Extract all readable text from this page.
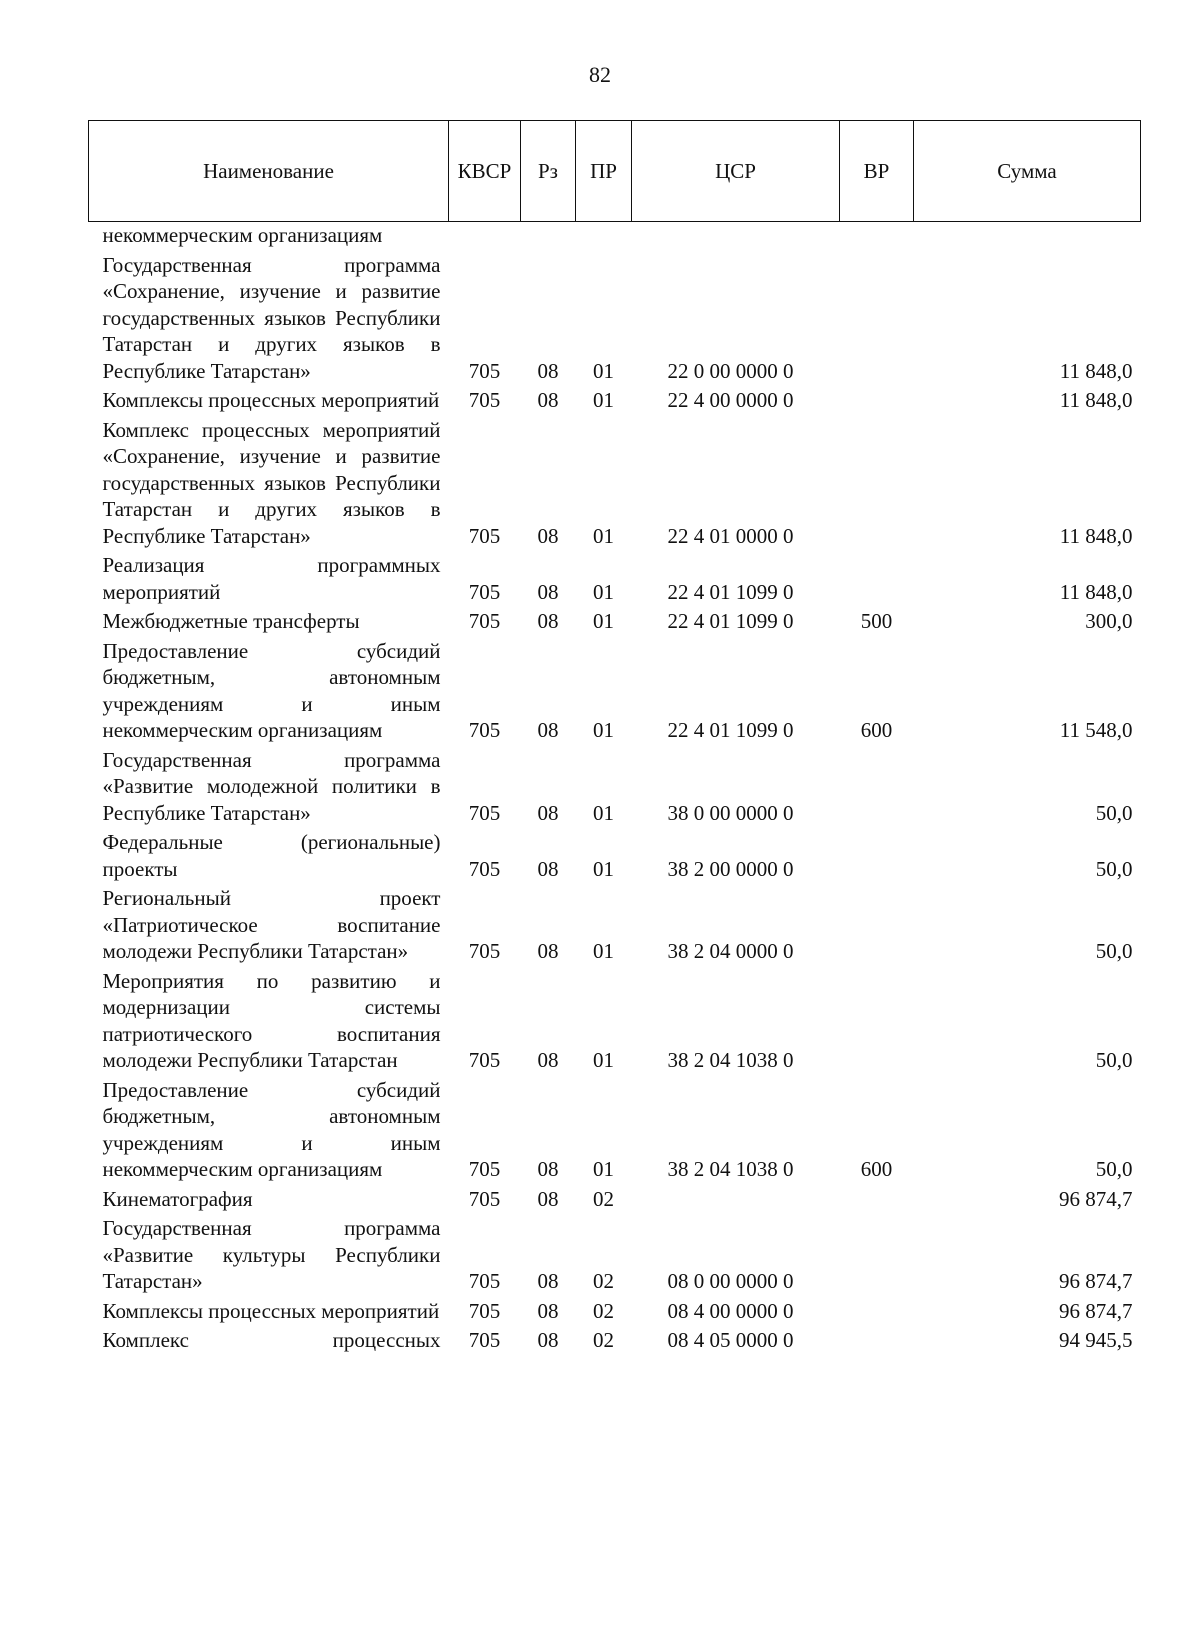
82
Наименование	КВСР	Рз	ПР	ЦСР	ВР	Сумма
некоммерческим организациям						
Государственная программа «Сохранение, изучение и развитие государственных языков Республики Татарстан и других языков в Республике Татарстан»	705	08	01	22 0 00 0000 0		11 848,0
Комплексы процессных мероприятий	705	08	01	22 4 00 0000 0		11 848,0
Комплекс процессных мероприятий «Сохранение, изучение и развитие государственных языков Республики Татарстан и других языков в Республике Татарстан»	705	08	01	22 4 01 0000 0		11 848,0
Реализация программных мероприятий	705	08	01	22 4 01 1099 0		11 848,0
Межбюджетные трансферты	705	08	01	22 4 01 1099 0	500	300,0
Предоставление субсидий бюджетным, автономным учреждениям и иным некоммерческим организациям	705	08	01	22 4 01 1099 0	600	11 548,0
Государственная программа «Развитие молодежной политики в Республике Татарстан»	705	08	01	38 0 00 0000 0		50,0
Федеральные (региональные) проекты	705	08	01	38 2 00 0000 0		50,0
Региональный проект «Патриотическое воспитание молодежи Республики Татарстан»	705	08	01	38 2 04 0000 0		50,0
Мероприятия по развитию и модернизации системы патриотического воспитания молодежи Республики Татарстан	705	08	01	38 2 04 1038 0		50,0
Предоставление субсидий бюджетным, автономным учреждениям и иным некоммерческим организациям	705	08	01	38 2 04 1038 0	600	50,0
Кинематография	705	08	02			96 874,7
Государственная программа «Развитие культуры Республики Татарстан»	705	08	02	08 0 00 0000 0		96 874,7
Комплексы процессных мероприятий	705	08	02	08 4 00 0000 0		96 874,7
Комплекс процессных	705	08	02	08 4 05 0000 0		94 945,5
